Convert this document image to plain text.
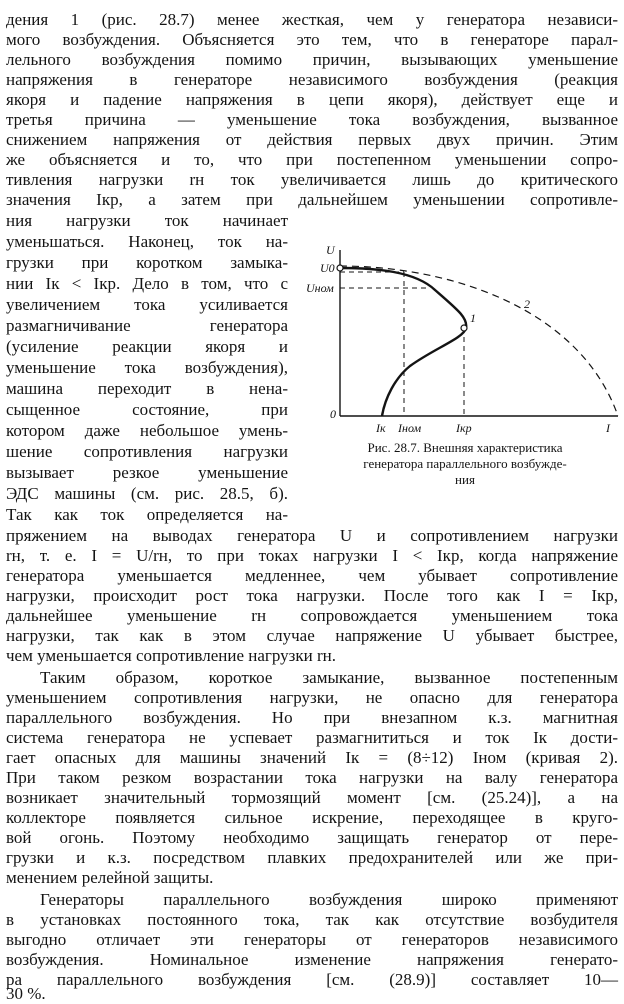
дения 1 (рис. 28.7) менее жесткая, чем у генератора независи-
мого возбуждения. Объясняется это тем, что в генераторе парал-
лельного возбуждения помимо причин, вызывающих уменьшение
напряжения в генераторе независимого возбуждения (реакция
якоря и падение напряжения в цепи якоря), действует еще и
третья причина — уменьшение тока возбуждения, вызванное
снижением напряжения от действия первых двух причин. Этим
же объясняется и то, что при постепенном уменьшении сопро-
тивления нагрузки rн ток увеличивается лишь до критического
значения Iкр, а затем при дальнейшем уменьшении сопротивле-
ния нагрузки ток начинает
уменьшаться. Наконец, ток на-
грузки при коротком замыка-
нии Iк < Iкр. Дело в том, что с
увеличением тока усиливается
размагничивание генератора
(усиление реакции якоря и
уменьшение тока возбуждения),
машина переходит в нена-
сыщенное состояние, при
котором даже небольшое умень-
шение сопротивления нагрузки
вызывает резкое уменьшение
ЭДС машины (см. рис. 28.5, б).
Так как ток определяется на-
пряжением на выводах генератора U и сопротивлением нагрузки
rн, т. е. I = U/rн, то при токах нагрузки I < Iкр, когда напряжение
генератора уменьшается медленнее, чем убывает сопротивление
нагрузки, происходит рост тока нагрузки. После того как I = Iкр,
дальнейшее уменьшение rн сопровождается уменьшением тока
нагрузки, так как в этом случае напряжение U убывает быстрее,
чем уменьшается сопротивление нагрузки rн.
Таким образом, короткое замыкание, вызванное постепенным
уменьшением сопротивления нагрузки, не опасно для генератора
параллельного возбуждения. Но при внезапном к.з. магнитная
система генератора не успевает размагнититься и ток Iк дости-
гает опасных для машины значений Iк = (8÷12) Iном (кривая 2).
При таком резком возрастании тока нагрузки на валу генератора
возникает значительный тормозящий момент [см. (25.24)], а на
коллекторе появляется сильное искрение, переходящее в круго-
вой огонь. Поэтому необходимо защищать генератор от пере-
грузки и к.з. посредством плавких предохранителей или же при-
менением релейной защиты.
Генераторы параллельного возбуждения широко применяют
в установках постоянного тока, так как отсутствие возбудителя
выгодно отличает эти генераторы от генераторов независимого
возбуждения. Номинальное изменение напряжения генерато-
ра параллельного возбуждения [см. (28.9)] составляет 10—
30 %.
U
U0
Uном
0
Iк Iном	Iкр	I
1
2
Рис. 28.7. Внешняя характеристика
генератора параллельного возбужде-
ния
